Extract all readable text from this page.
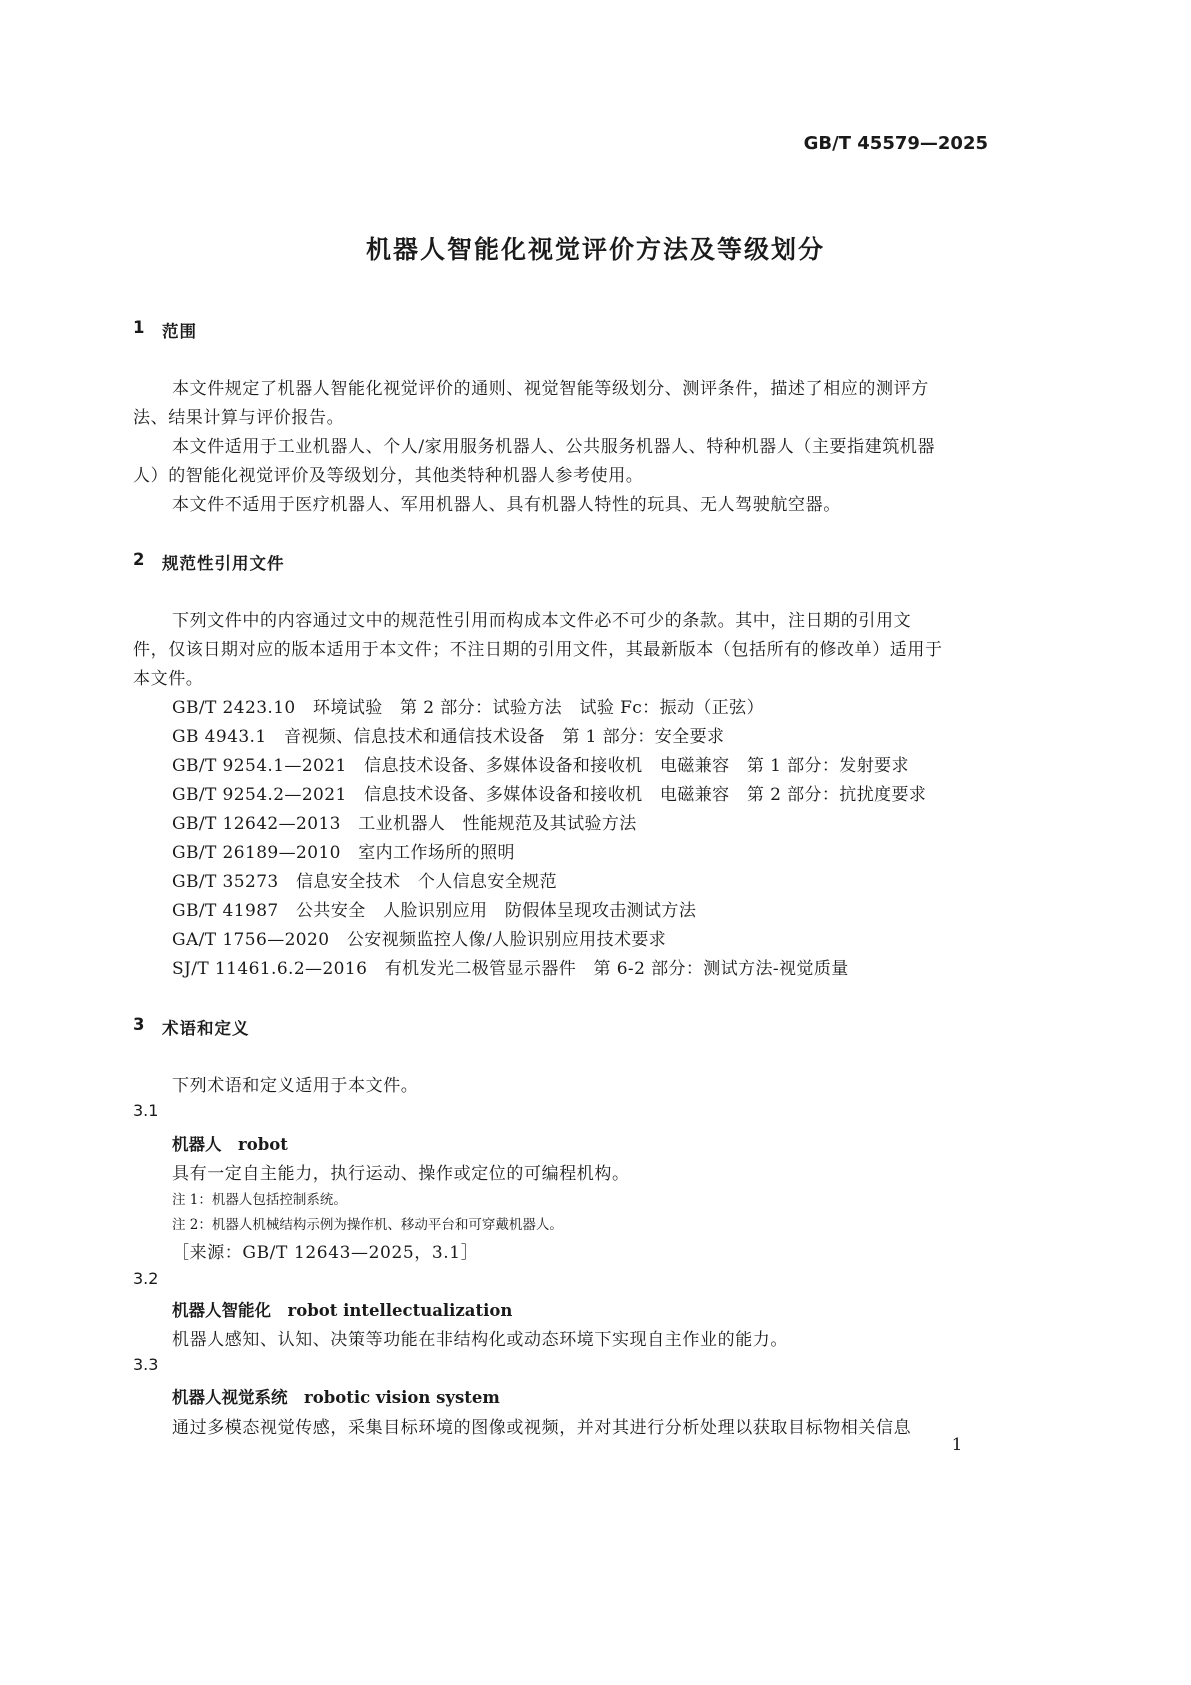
GB/T 45579—2025
机器人智能化视觉评价方法及等级划分
1 范围
本文件规定了机器人智能化视觉评价的通则、视觉智能等级划分、测评条件，描述了相应的测评方
法、结果计算与评价报告。
本文件适用于工业机器人、个人/家用服务机器人、公共服务机器人、特种机器人（主要指建筑机器
人）的智能化视觉评价及等级划分，其他类特种机器人参考使用。
本文件不适用于医疗机器人、军用机器人、具有机器人特性的玩具、无人驾驶航空器。
2 规范性引用文件
下列文件中的内容通过文中的规范性引用而构成本文件必不可少的条款。其中，注日期的引用文
件，仅该日期对应的版本适用于本文件；不注日期的引用文件，其最新版本（包括所有的修改单）适用于
本文件。
GB/T 2423.10　环境试验　第 2 部分：试验方法　试验 Fc：振动（正弦）
GB 4943.1　音视频、信息技术和通信技术设备　第 1 部分：安全要求
GB/T 9254.1—2021　信息技术设备、多媒体设备和接收机　电磁兼容　第 1 部分：发射要求
GB/T 9254.2—2021　信息技术设备、多媒体设备和接收机　电磁兼容　第 2 部分：抗扰度要求
GB/T 12642—2013　工业机器人　性能规范及其试验方法
GB/T 26189—2010　室内工作场所的照明
GB/T 35273　信息安全技术　个人信息安全规范
GB/T 41987　公共安全　人脸识别应用　防假体呈现攻击测试方法
GA/T 1756—2020　公安视频监控人像/人脸识别应用技术要求
SJ/T 11461.6.2—2016　有机发光二极管显示器件　第 6-2 部分：测试方法-视觉质量
3 术语和定义
下列术语和定义适用于本文件。
3.1
机器人　robot
具有一定自主能力，执行运动、操作或定位的可编程机构。
注 1：机器人包括控制系统。
注 2：机器人机械结构示例为操作机、移动平台和可穿戴机器人。
［来源：GB/T 12643—2025，3.1］
3.2
机器人智能化　robot intellectualization
机器人感知、认知、决策等功能在非结构化或动态环境下实现自主作业的能力。
3.3
机器人视觉系统　robotic vision system
通过多模态视觉传感，采集目标环境的图像或视频，并对其进行分析处理以获取目标物相关信息
1
